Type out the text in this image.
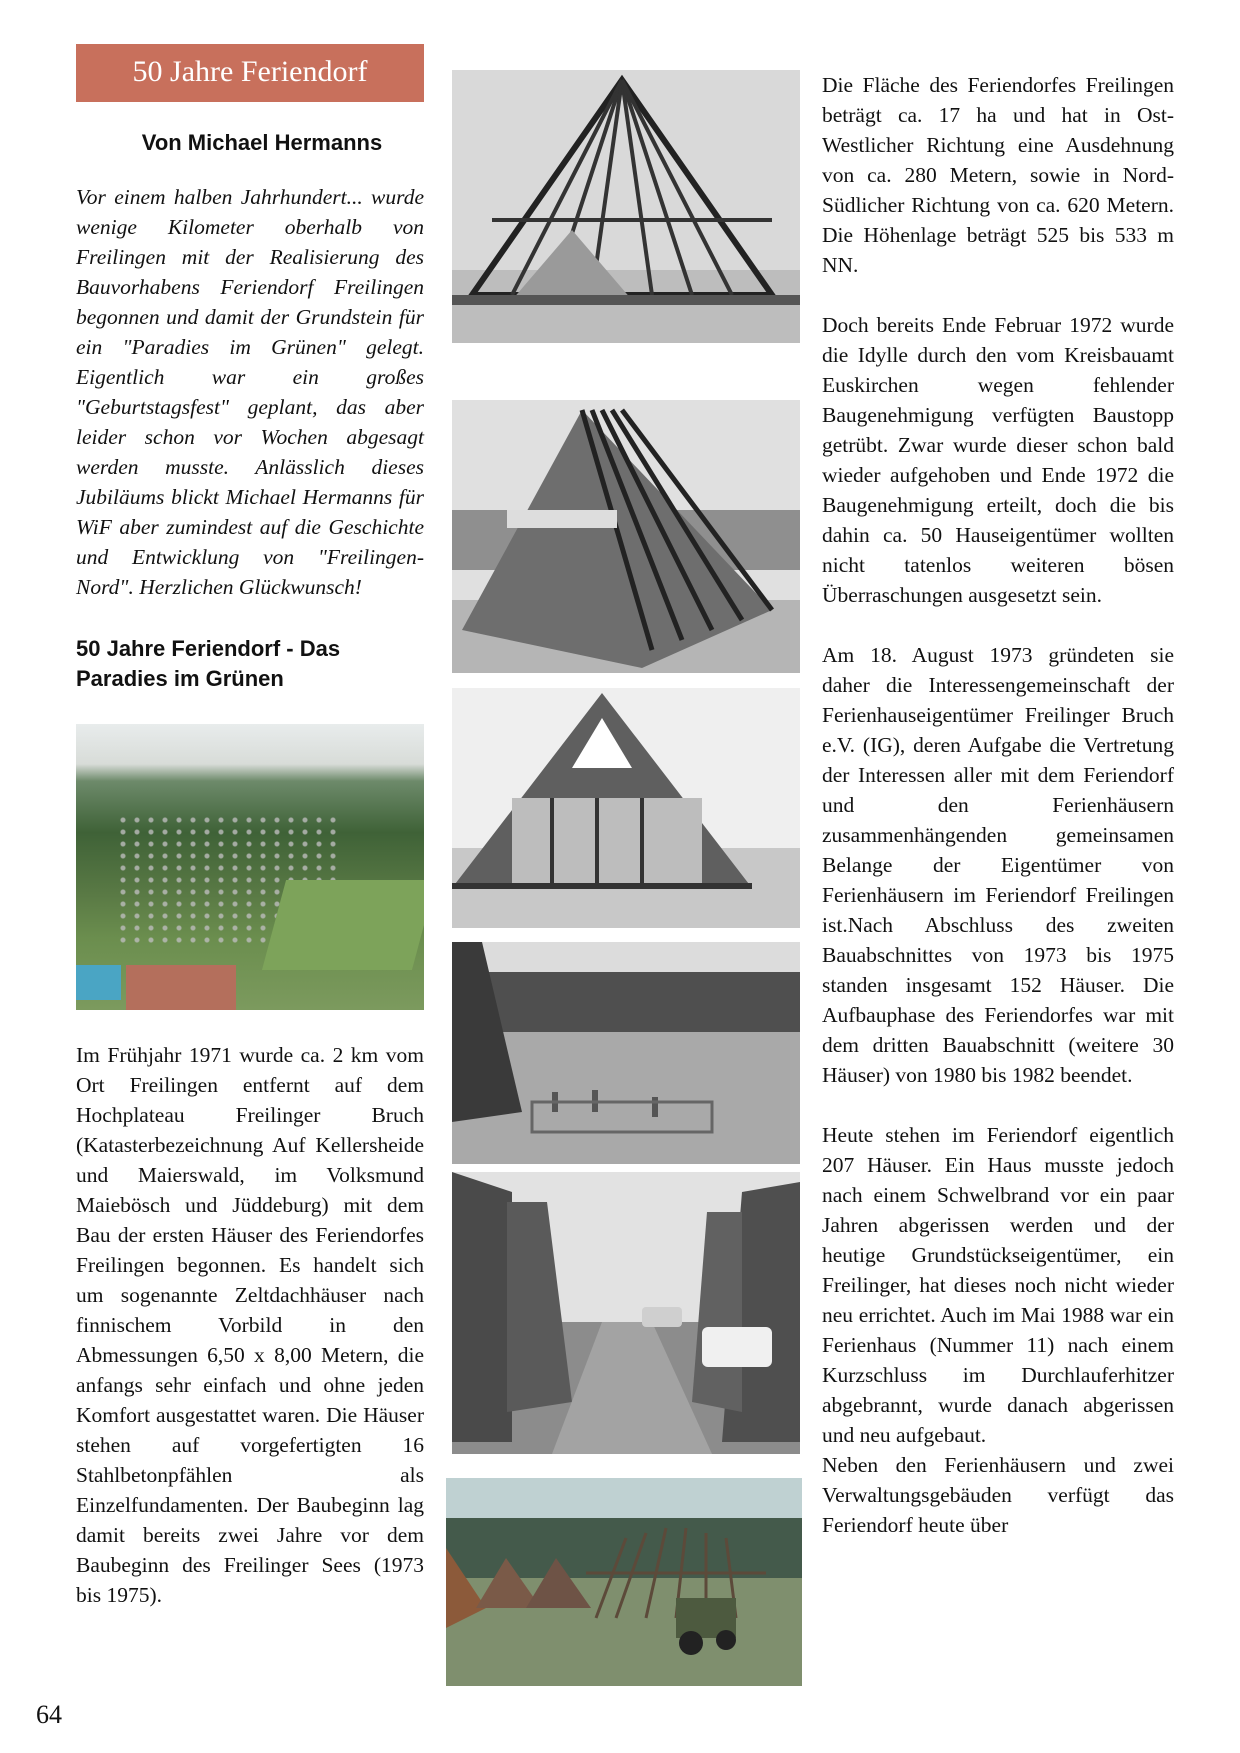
50 Jahre Feriendorf
Von Michael Hermanns

Vor einem halben Jahrhundert... wurde wenige Kilometer oberhalb von Freilingen mit der Realisierung des Bauvorhabens Feriendorf Freilingen begonnen und damit der Grundstein für ein "Paradies im Grünen" gelegt. Eigentlich war ein großes "Geburtstagsfest" geplant, das aber leider schon vor Wochen abgesagt werden musste. Anlässlich dieses Jubiläums blickt Michael Hermanns für WiF aber zumindest auf die Geschichte und Entwicklung von "Freilingen-Nord". Herzlichen Glückwunsch!

50 Jahre Feriendorf - Das Paradies im Grünen

Im Frühjahr 1971 wurde ca. 2 km vom Ort Freilingen entfernt auf dem Hochplateau Freilinger Bruch (Katasterbezeichnung Auf Kellersheide und Maierswald, im Volksmund Maiebösch und Jüddeburg) mit dem Bau der ersten Häuser des Feriendorfes Freilingen begonnen. Es handelt sich um sogenannte Zeltdachhäuser nach finnischem Vorbild in den Abmessungen 6,50 x 8,00 Metern, die anfangs sehr einfach und ohne jeden Komfort ausgestattet waren. Die Häuser stehen auf vorgefertigten 16 Stahlbetonpfählen als Einzelfundamenten. Der Baubeginn lag damit bereits zwei Jahre vor dem Baubeginn des Freilinger Sees (1973 bis 1975).

Die Fläche des Feriendorfes Freilingen beträgt ca. 17 ha und hat in Ost-Westlicher Richtung eine Ausdehnung von ca. 280 Metern, sowie in Nord-Südlicher Richtung von ca. 620 Metern. Die Höhenlage beträgt 525 bis 533 m NN.

Doch bereits Ende Februar 1972 wurde die Idylle durch den vom Kreisbauamt Euskirchen wegen fehlender Baugenehmigung verfügten Baustopp getrübt. Zwar wurde dieser schon bald wieder aufgehoben und Ende 1972 die Baugenehmigung erteilt, doch die bis dahin ca. 50 Hauseigentümer wollten nicht tatenlos weiteren bösen Überraschungen ausgesetzt sein.

Am 18. August 1973 gründeten sie daher die Interessengemeinschaft der Ferienhauseigentümer Freilinger Bruch e.V. (IG), deren Aufgabe die Vertretung der Interessen aller mit dem Feriendorf und den Ferienhäusern zusammenhängenden gemeinsamen Belange der Eigentümer von Ferienhäusern im Feriendorf Freilingen ist.Nach Abschluss des zweiten Bauabschnittes von 1973 bis 1975 standen insgesamt 152 Häuser. Die Aufbauphase des Feriendorfes war mit dem dritten Bauabschnitt (weitere 30 Häuser) von 1980 bis 1982 beendet.

Heute stehen im Feriendorf eigentlich 207 Häuser. Ein Haus musste jedoch nach einem Schwelbrand vor ein paar Jahren abgerissen werden und der heutige Grundstückseigentümer, ein Freilinger, hat dieses noch nicht wieder neu errichtet. Auch im Mai 1988 war ein Ferienhaus (Nummer 11) nach einem Kurzschluss im Durchlauferhitzer abgebrannt, wurde danach abgerissen und neu aufgebaut.

Neben den Ferienhäusern und zwei Verwaltungsgebäuden verfügt das Feriendorf heute über

64
